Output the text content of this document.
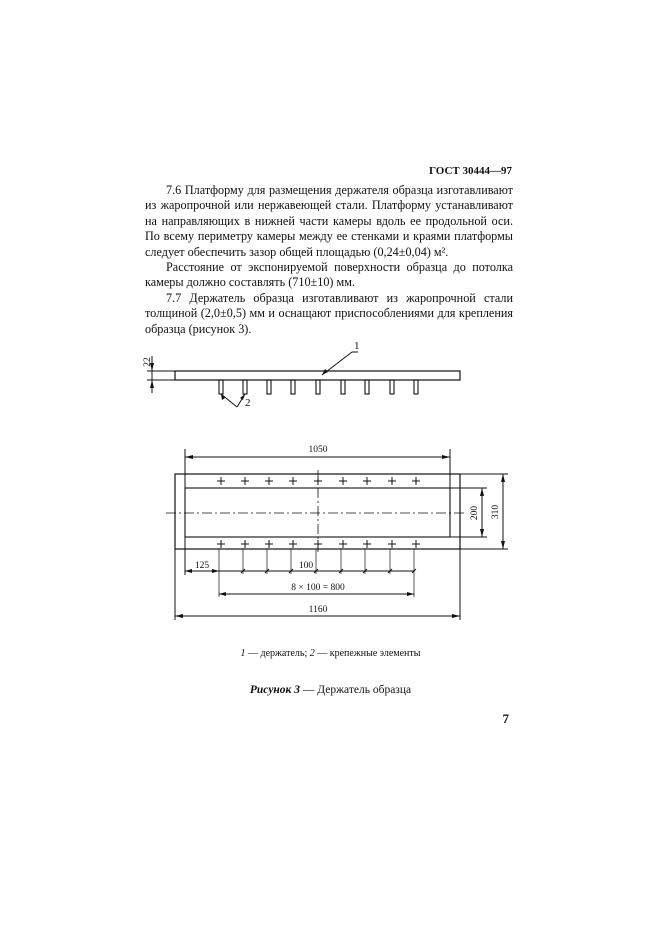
ГОСТ 30444—97

7.6 Платформу для размещения держателя образца изготавливают из жаропрочной или нержавеющей стали. Платформу устанавливают на направляющих в нижней части камеры вдоль ее продольной оси. По всему периметру камеры между ее стенками и краями платформы следует обеспечить зазор общей площадью (0,24±0,04) м².

Расстояние от экспонируемой поверхности образца до потолка камеры должно составлять (710±10) мм.

7.7 Держатель образца изготавливают из жаропрочной стали толщиной (2,0±0,5) мм и оснащают приспособлениями для крепления образца (рисунок 3).

22
1
2
1050
200 310
125	100
8 × 100 = 800
1160
1 — держатель; 2 — крепежные элементы
Рисунок 3 — Держатель образца
7
